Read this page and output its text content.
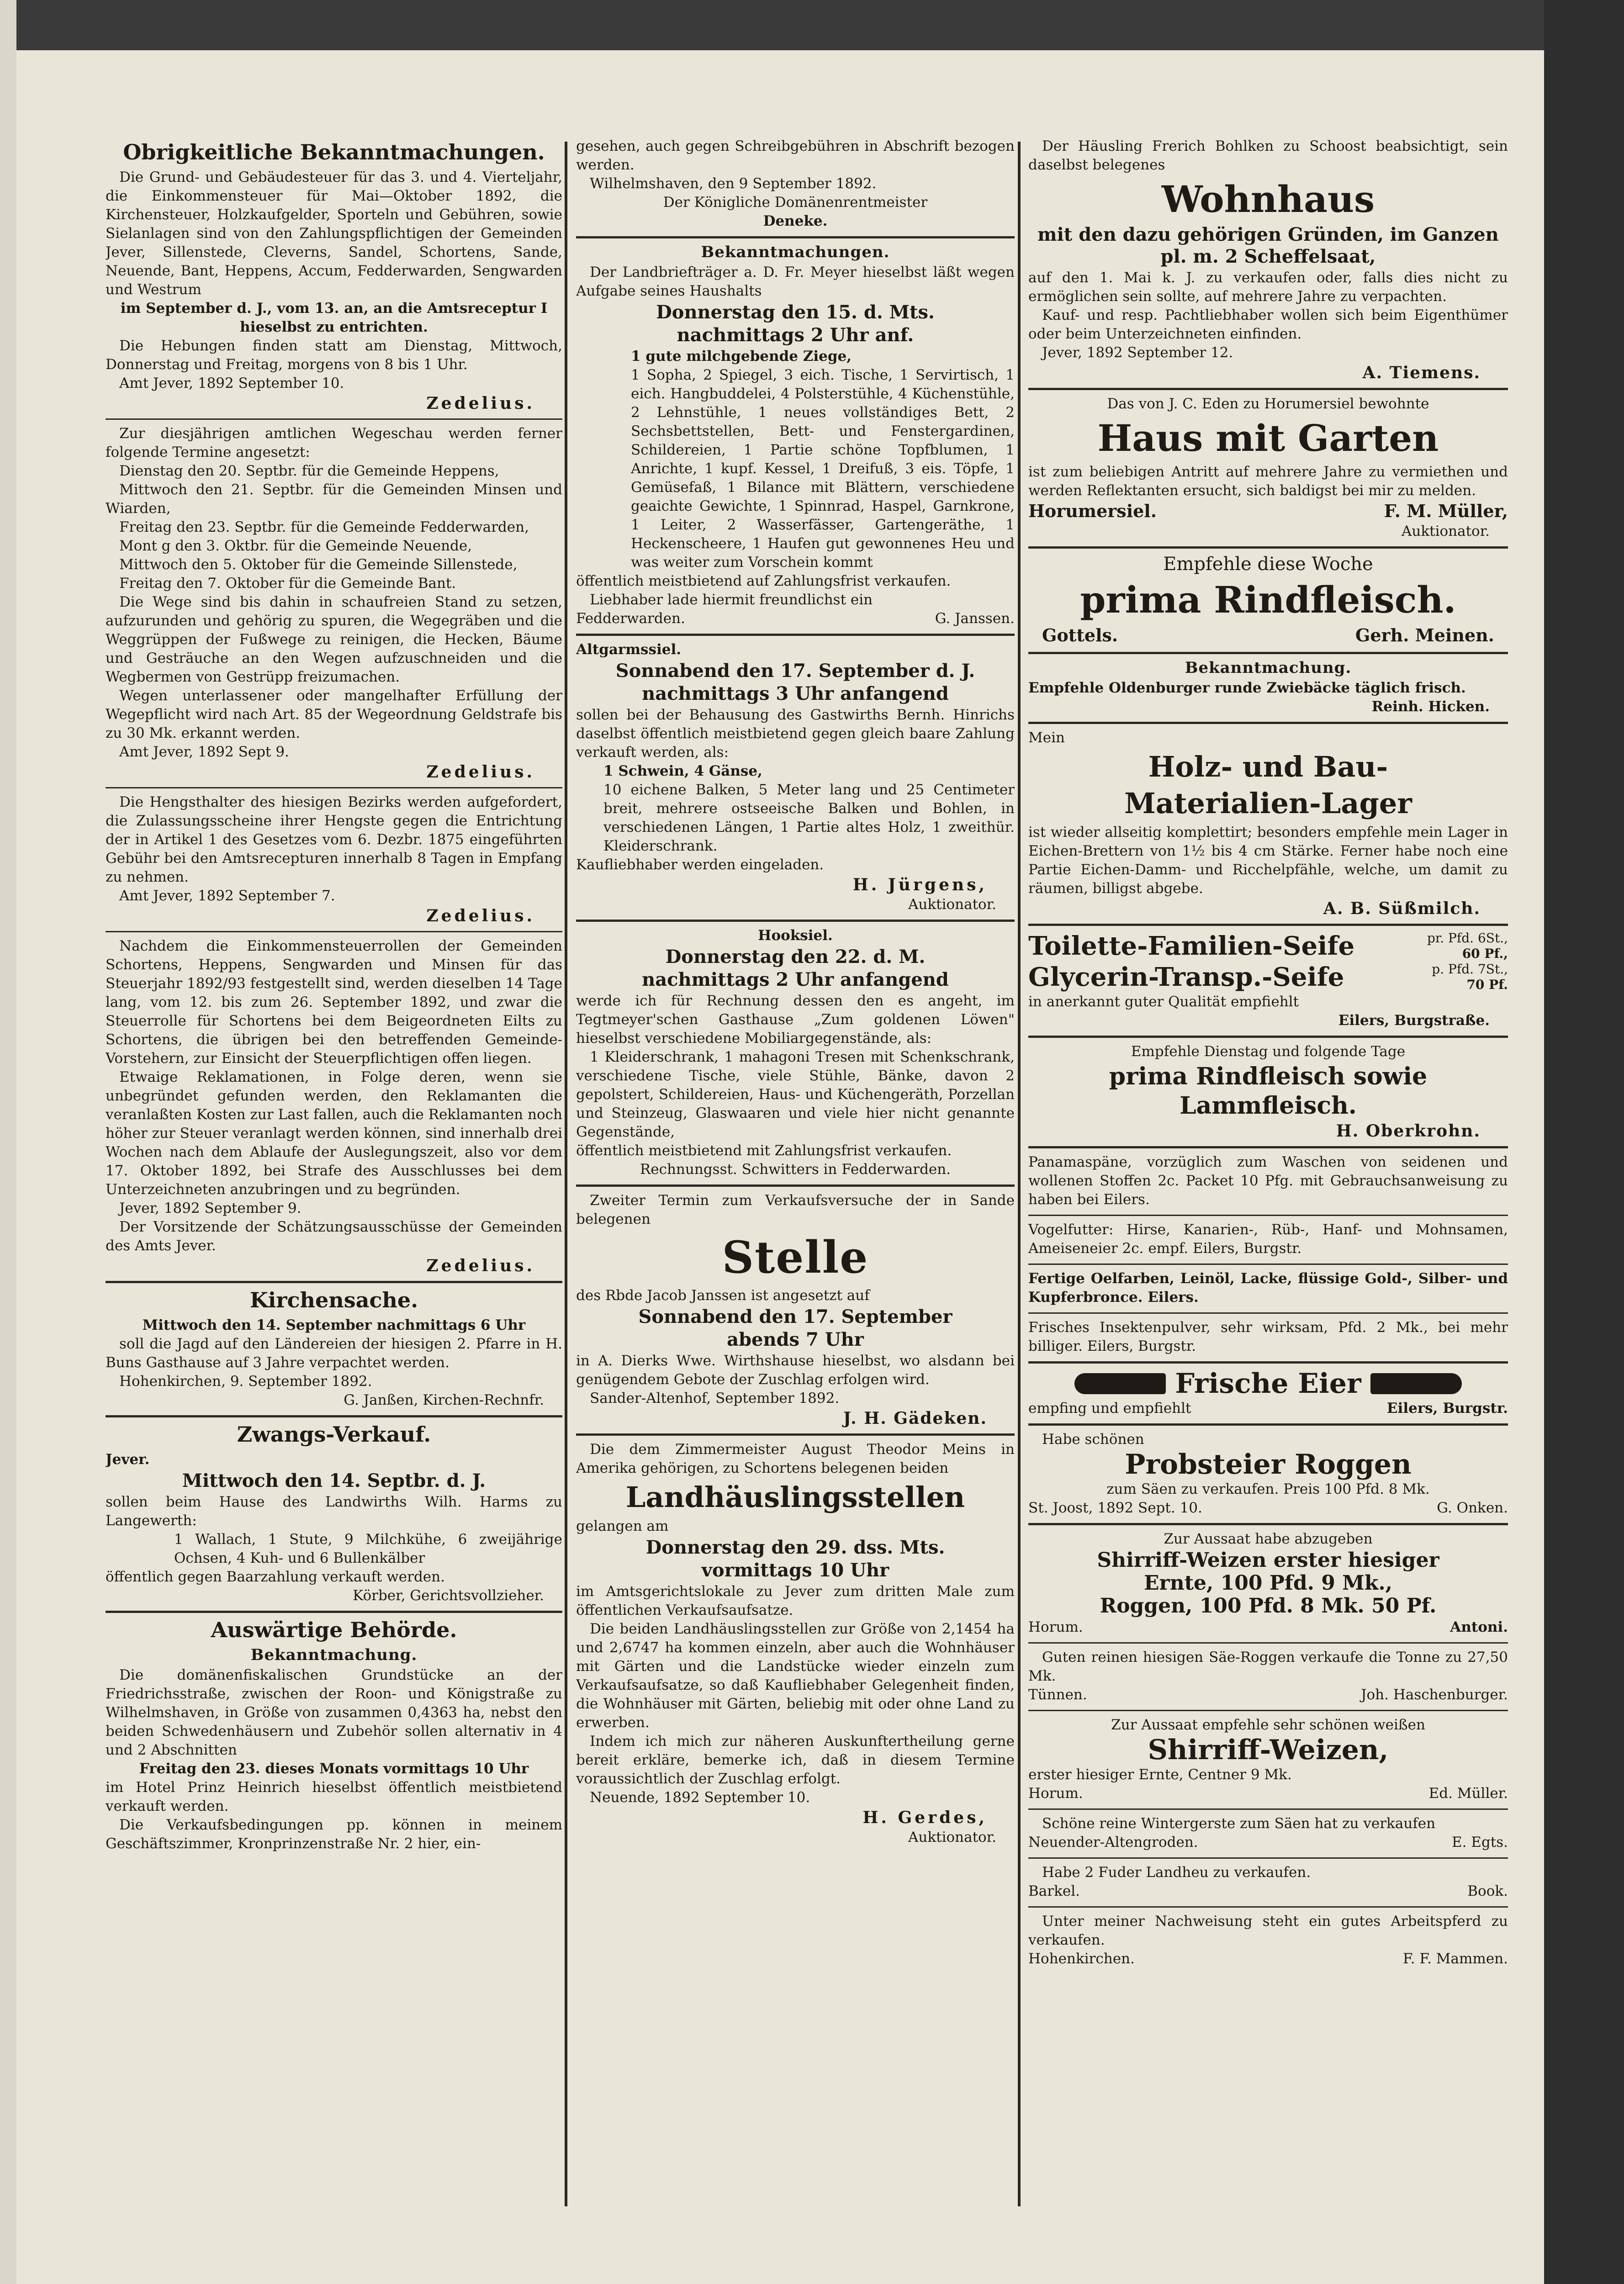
Obrigkeitliche Bekanntmachungen.

Die Grund- und Gebäudesteuer für das 3. und 4. Vierteljahr, die Einkommensteuer für Mai—Oktober 1892, die Kirchensteuer, Holzkaufgelder, Sporteln und Gebühren, sowie Sielanlagen sind von den Zahlungspflichtigen der Gemeinden Jever, Sillenstede, Cleverns, Sandel, Schortens, Sande, Neuende, Bant, Heppens, Accum, Fedderwarden, Sengwarden und Westrum

im September d. J., vom 13. an, an die Amtsreceptur I hieselbst zu entrichten.

Die Hebungen finden statt am Dienstag, Mittwoch, Donnerstag und Freitag, morgens von 8 bis 1 Uhr.

Amt Jever, 1892 September 10.

Zedelius.

Zur diesjährigen amtlichen Wegeschau werden ferner folgende Termine angesetzt:

Dienstag den 20. Septbr. für die Gemeinde Heppens,

Mittwoch den 21. Septbr. für die Gemeinden Minsen und Wiarden,

Freitag den 23. Septbr. für die Gemeinde Fedderwarden,

Mont g den 3. Oktbr. für die Gemeinde Neuende,

Mittwoch den 5. Oktober für die Gemeinde Sillenstede,

Freitag den 7. Oktober für die Gemeinde Bant.

Die Wege sind bis dahin in schaufreien Stand zu setzen, aufzurunden und gehörig zu spuren, die Wegegräben und die Weggrüppen der Fußwege zu reinigen, die Hecken, Bäume und Gesträuche an den Wegen aufzuschneiden und die Wegbermen von Gestrüpp freizumachen.

Wegen unterlassener oder mangelhafter Erfüllung der Wegepflicht wird nach Art. 85 der Wegeordnung Geldstrafe bis zu 30 Mk. erkannt werden.

Amt Jever, 1892 Sept 9.

Zedelius.

Die Hengsthalter des hiesigen Bezirks werden aufgefordert, die Zulassungsscheine ihrer Hengste gegen die Entrichtung der in Artikel 1 des Gesetzes vom 6. Dezbr. 1875 eingeführten Gebühr bei den Amtsrecepturen innerhalb 8 Tagen in Empfang zu nehmen.

Amt Jever, 1892 September 7.

Zedelius.

Nachdem die Einkommensteuerrollen der Gemeinden Schortens, Heppens, Sengwarden und Minsen für das Steuerjahr 1892/93 festgestellt sind, werden dieselben 14 Tage lang, vom 12. bis zum 26. September 1892, und zwar die Steuerrolle für Schortens bei dem Beigeordneten Eilts zu Schortens, die übrigen bei den betreffenden Gemeinde-Vorstehern, zur Einsicht der Steuerpflichtigen offen liegen.

Etwaige Reklamationen, in Folge deren, wenn sie unbegründet gefunden werden, den Reklamanten die veranlaßten Kosten zur Last fallen, auch die Reklamanten noch höher zur Steuer veranlagt werden können, sind innerhalb drei Wochen nach dem Ablaufe der Auslegungszeit, also vor dem 17. Oktober 1892, bei Strafe des Ausschlusses bei dem Unterzeichneten anzubringen und zu begründen.

Jever, 1892 September 9.

Der Vorsitzende der Schätzungsausschüsse der Gemeinden des Amts Jever.

Zedelius.
Kirchensache.

Mittwoch den 14. September nachmittags 6 Uhr

soll die Jagd auf den Ländereien der hiesigen 2. Pfarre in H. Buns Gasthause auf 3 Jahre verpachtet werden.

Hohenkirchen, 9. September 1892.

G. Janßen, Kirchen-Rechnfr.

Zwangs-Verkauf.

Jever.

Mittwoch den 14. Septbr. d. J.

sollen beim Hause des Landwirths Wilh. Harms zu Langewerth:

1 Wallach, 1 Stute, 9 Milchkühe, 6 zweijährige Ochsen, 4 Kuh- und 6 Bullenkälber

öffentlich gegen Baarzahlung verkauft werden.

Körber, Gerichtsvollzieher.

Auswärtige Behörde.
Bekanntmachung.

Die domänenfiskalischen Grundstücke an der Friedrichsstraße, zwischen der Roon- und Königstraße zu Wilhelmshaven, in Größe von zusammen 0,4363 ha, nebst den beiden Schwedenhäusern und Zubehör sollen alternativ in 4 und 2 Abschnitten

Freitag den 23. dieses Monats vormittags 10 Uhr

im Hotel Prinz Heinrich hieselbst öffentlich meistbietend verkauft werden.

Die Verkaufsbedingungen pp. können in meinem Geschäftszimmer, Kronprinzenstraße Nr. 2 hier, ein-

gesehen, auch gegen Schreibgebühren in Abschrift bezogen werden.

Wilhelmshaven, den 9 September 1892.

Der Königliche Domänenrentmeister

Deneke.

Bekanntmachungen.

Der Landbriefträger a. D. Fr. Meyer hieselbst läßt wegen Aufgabe seines Haushalts

Donnerstag den 15. d. Mts.
nachmittags 2 Uhr anf.

1 gute milchgebende Ziege,

1 Sopha, 2 Spiegel, 3 eich. Tische, 1 Servirtisch, 1 eich. Hangbuddelei, 4 Polsterstühle, 4 Küchenstühle, 2 Lehnstühle, 1 neues vollständiges Bett, 2 Sechsbettstellen, Bett- und Fenstergardinen, Schildereien, 1 Partie schöne Topfblumen, 1 Anrichte, 1 kupf. Kessel, 1 Dreifuß, 3 eis. Töpfe, 1 Gemüsefaß, 1 Bilance mit Blättern, verschiedene geaichte Gewichte, 1 Spinnrad, Haspel, Garnkrone, 1 Leiter, 2 Wasserfässer, Gartengeräthe, 1 Heckenscheere, 1 Haufen gut gewonnenes Heu und was weiter zum Vorschein kommt

öffentlich meistbietend auf Zahlungsfrist verkaufen.

Liebhaber lade hiermit freundlichst ein

Fedderwarden.	G. Janssen.

Altgarmssiel.

Sonnabend den 17. September d. J.
nachmittags 3 Uhr anfangend

sollen bei der Behausung des Gastwirths Bernh. Hinrichs daselbst öffentlich meistbietend gegen gleich baare Zahlung verkauft werden, als:

1 Schwein, 4 Gänse,

10 eichene Balken, 5 Meter lang und 25 Centimeter breit, mehrere ostseeische Balken und Bohlen, in verschiedenen Längen, 1 Partie altes Holz, 1 zweithür. Kleiderschrank.

Kaufliebhaber werden eingeladen.

H. Jürgens,

Auktionator.

Hooksiel.

Donnerstag den 22. d. M.
nachmittags 2 Uhr anfangend

werde ich für Rechnung dessen den es angeht, im Tegtmeyer'schen Gasthause „Zum goldenen Löwen" hieselbst verschiedene Mobiliargegenstände, als:

1 Kleiderschrank, 1 mahagoni Tresen mit Schenkschrank, verschiedene Tische, viele Stühle, Bänke, davon 2 gepolstert, Schildereien, Haus- und Küchengeräth, Porzellan und Steinzeug, Glaswaaren und viele hier nicht genannte Gegenstände,

öffentlich meistbietend mit Zahlungsfrist verkaufen.

Rechnungsst. Schwitters in Fedderwarden.

Zweiter Termin zum Verkaufsversuche der in Sande belegenen

Stelle

des Rbde Jacob Janssen ist angesetzt auf

Sonnabend den 17. September
abends 7 Uhr

in A. Dierks Wwe. Wirthshause hieselbst, wo alsdann bei genügendem Gebote der Zuschlag erfolgen wird.

Sander-Altenhof, September 1892.

J. H. Gädeken.

Die dem Zimmermeister August Theodor Meins in Amerika gehörigen, zu Schortens belegenen beiden

Landhäuslingsstellen

gelangen am

Donnerstag den 29. dss. Mts.
vormittags 10 Uhr

im Amtsgerichtslokale zu Jever zum dritten Male zum öffentlichen Verkaufsaufsatze.

Die beiden Landhäuslingsstellen zur Größe von 2,1454 ha und 2,6747 ha kommen einzeln, aber auch die Wohnhäuser mit Gärten und die Landstücke wieder einzeln zum Verkaufsaufsatze, so daß Kaufliebhaber Gelegenheit finden, die Wohnhäuser mit Gärten, beliebig mit oder ohne Land zu erwerben.

Indem ich mich zur näheren Auskunftertheilung gerne bereit erkläre, bemerke ich, daß in diesem Termine voraussichtlich der Zuschlag erfolgt.

Neuende, 1892 September 10.

H. Gerdes,

Auktionator.

Der Häusling Frerich Bohlken zu Schoost beabsichtigt, sein daselbst belegenes

Wohnhaus
mit den dazu gehörigen Gründen, im Ganzen pl. m. 2 Scheffelsaat,

auf den 1. Mai k. J. zu verkaufen oder, falls dies nicht zu ermöglichen sein sollte, auf mehrere Jahre zu verpachten.

Kauf- und resp. Pachtliebhaber wollen sich beim Eigenthümer oder beim Unterzeichneten einfinden.

Jever, 1892 September 12.

A. Tiemens.

Das von J. C. Eden zu Horumersiel bewohnte

Haus mit Garten

ist zum beliebigen Antritt auf mehrere Jahre zu vermiethen und werden Reflektanten ersucht, sich baldigst bei mir zu melden.

Horumersiel.	F. M. Müller,

Auktionator.

Empfehle diese Woche
prima Rindfleisch.
Gottels.	Gerh. Meinen.
Bekanntmachung.

Empfehle Oldenburger runde Zwiebäcke täglich frisch.

Reinh. Hicken.

Mein

Holz- und Bau-
Materialien-Lager

ist wieder allseitig komplettirt; besonders empfehle mein Lager in Eichen-Brettern von 1½ bis 4 cm Stärke. Ferner habe noch eine Partie Eichen-Damm- und Ricchelpfähle, welche, um damit zu räumen, billigst abgebe.

A. B. Süßmilch.
Toilette-Familien-Seife	pr. Pfd. 6St.,
60 Pf.,
Glycerin-Transp.-Seife	p. Pfd. 7St.,
70 Pf.

in anerkannt guter Qualität empfiehlt

Eilers, Burgstraße.

Empfehle Dienstag und folgende Tage

prima Rindfleisch sowie
Lammfleisch.
H. Oberkrohn.

Panamaspäne, vorzüglich zum Waschen von seidenen und wollenen Stoffen 2c. Packet 10 Pfg. mit Gebrauchsanweisung zu haben bei Eilers.

Vogelfutter: Hirse, Kanarien-, Rüb-, Hanf- und Mohnsamen, Ameiseneier 2c. empf. Eilers, Burgstr.

Fertige Oelfarben, Leinöl, Lacke, flüssige Gold-, Silber- und Kupferbronce. Eilers.

Frisches Insektenpulver, sehr wirksam, Pfd. 2 Mk., bei mehr billiger. Eilers, Burgstr.

Frische Eier
empfing und empfiehlt	Eilers, Burgstr.

Habe schönen

Probsteier Roggen

zum Säen zu verkaufen. Preis 100 Pfd. 8 Mk.

St. Joost, 1892 Sept. 10.	G. Onken.

Zur Aussaat habe abzugeben

Shirriff-Weizen erster hiesiger
Ernte, 100 Pfd. 9 Mk.,
Roggen, 100 Pfd. 8 Mk. 50 Pf.
Horum.	Antoni.

Guten reinen hiesigen Säe-Roggen verkaufe die Tonne zu 27,50 Mk.

Tünnen.	Joh. Haschenburger.

Zur Aussaat empfehle sehr schönen weißen

Shirriff-Weizen,

erster hiesiger Ernte, Centner 9 Mk.

Horum.	Ed. Müller.

Schöne reine Wintergerste zum Säen hat zu verkaufen

Neuender-Altengroden.	E. Egts.

Habe 2 Fuder Landheu zu verkaufen.

Barkel.	Book.

Unter meiner Nachweisung steht ein gutes Arbeitspferd zu verkaufen.

Hohenkirchen.	F. F. Mammen.
